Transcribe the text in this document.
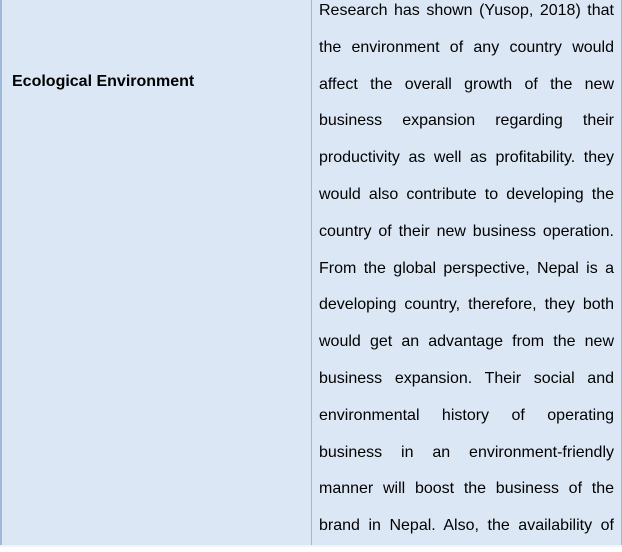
Ecological Environment
Research has shown (Yusop, 2018) that
the environment of any country would
affect the overall growth of the new
business expansion regarding their
productivity as well as profitability. they
would also contribute to developing the
country of their new business operation.
From the global perspective, Nepal is a
developing country, therefore, they both
would get an advantage from the new
business expansion. Their social and
environmental history of operating
business in an environment-friendly
manner will boost the business of the
brand in Nepal. Also, the availability of
